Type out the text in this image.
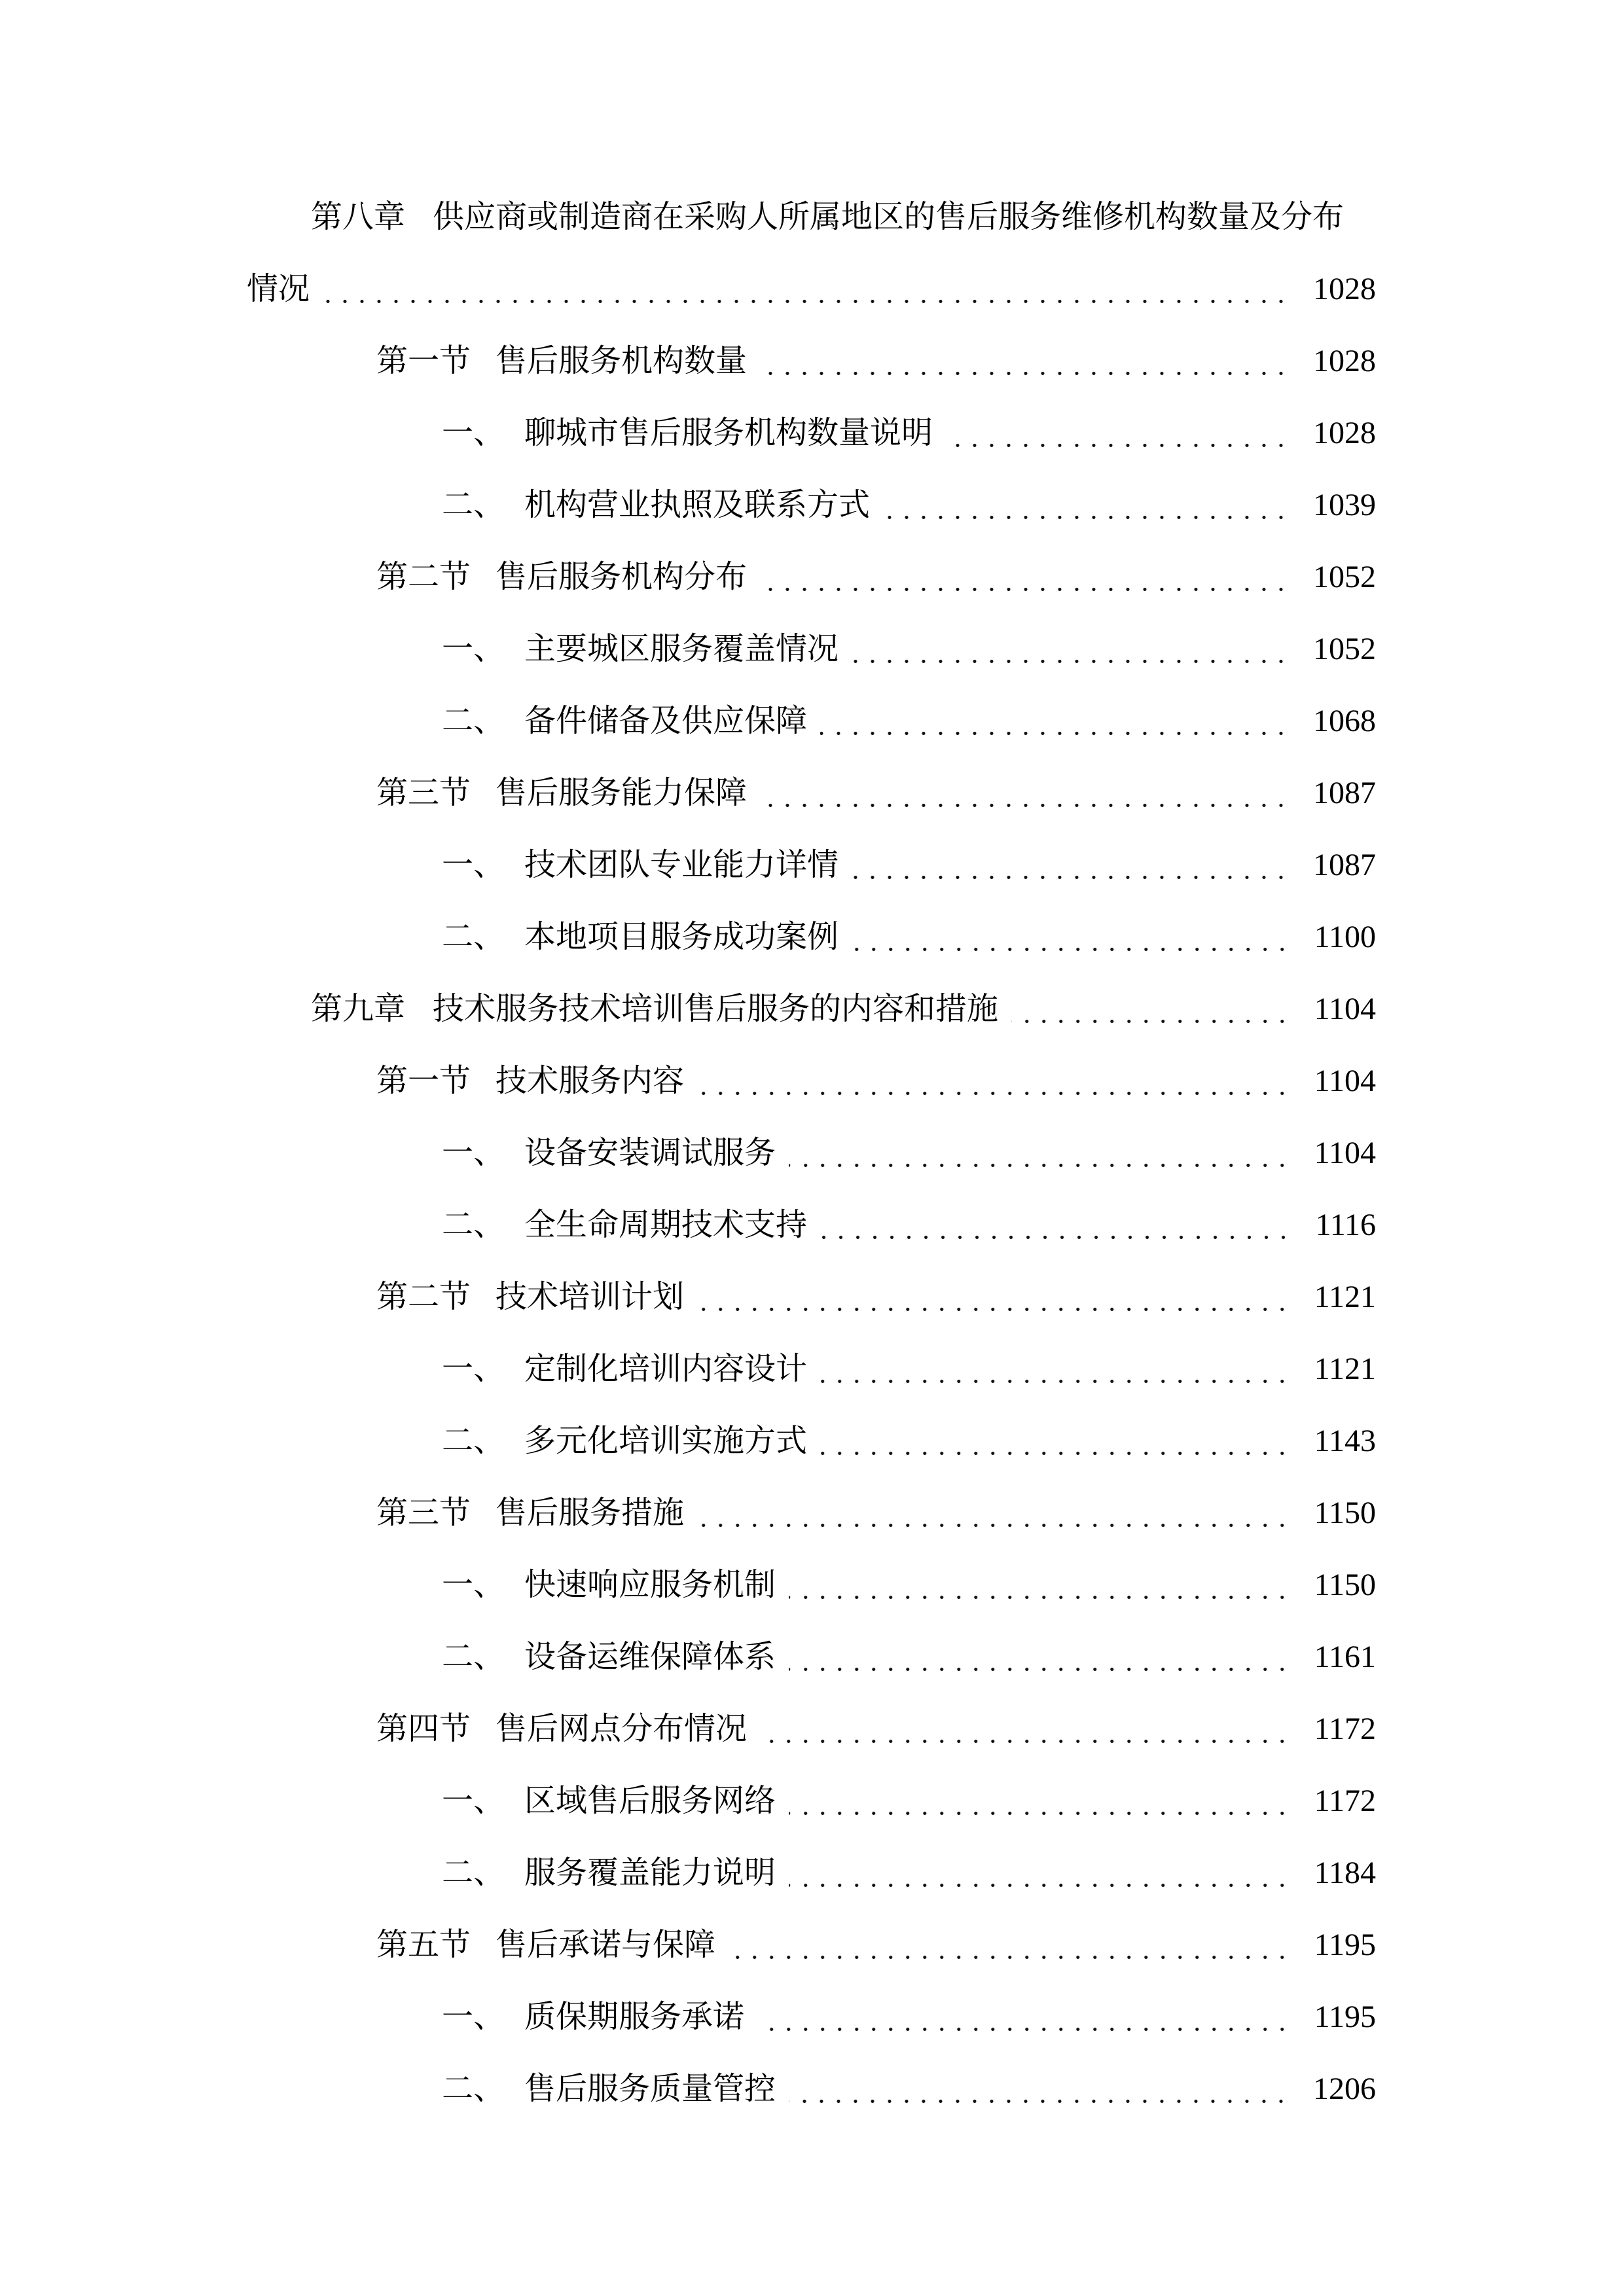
第八章 供应商或制造商在采购人所属地区的售后服务维修机构数量及分布
情况	1028
第一节 售后服务机构数量	1028
一、 聊城市售后服务机构数量说明	1028
二、 机构营业执照及联系方式	1039
第二节 售后服务机构分布	1052
一、 主要城区服务覆盖情况	1052
二、 备件储备及供应保障	1068
第三节 售后服务能力保障	1087
一、 技术团队专业能力详情	1087
二、 本地项目服务成功案例	1100
第九章 技术服务技术培训售后服务的内容和措施	1104
第一节 技术服务内容	1104
一、 设备安装调试服务	1104
二、 全生命周期技术支持	1116
第二节 技术培训计划	1121
一、 定制化培训内容设计	1121
二、 多元化培训实施方式	1143
第三节 售后服务措施	1150
一、 快速响应服务机制	1150
二、 设备运维保障体系	1161
第四节 售后网点分布情况	1172
一、 区域售后服务网络	1172
二、 服务覆盖能力说明	1184
第五节 售后承诺与保障	1195
一、 质保期服务承诺	1195
二、 售后服务质量管控	1206
